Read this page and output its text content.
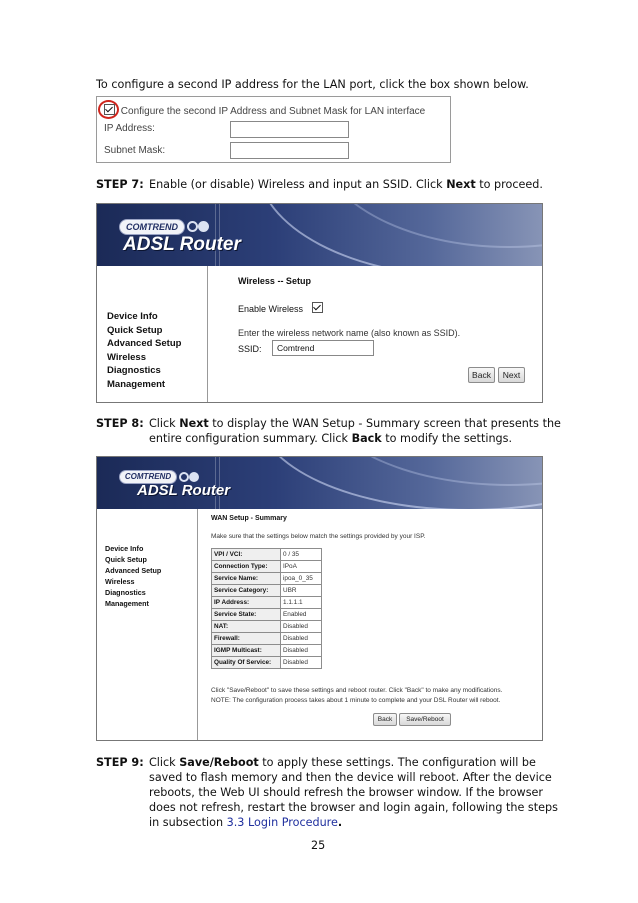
To configure a second IP address for the LAN port, click the box shown below.
Configure the second IP Address and Subnet Mask for LAN interface
IP Address:
Subnet Mask:
STEP 7: Enable (or disable) Wireless and input an SSID. Click Next to proceed.
COMTREND
ADSL Router
Device Info
Quick Setup
Advanced Setup
Wireless
Diagnostics
Management
Wireless -- Setup
Enable Wireless
Enter the wireless network name (also known as SSID).
SSID:	Comtrend
Back	Next
STEP 8: Click Next to display the WAN Setup - Summary screen that presents the
entire configuration summary. Click Back to modify the settings.
COMTREND
ADSL Router
Device Info
Quick Setup
Advanced Setup
Wireless
Diagnostics
Management
WAN Setup - Summary
Make sure that the settings below match the settings provided by your ISP.
VPI / VCI:	0 / 35
Connection Type:	IPoA
Service Name:	ipoa_0_35
Service Category:	UBR
IP Address:	1.1.1.1
Service State:	Enabled
NAT:	Disabled
Firewall:	Disabled
IGMP Multicast:	Disabled
Quality Of Service:	Disabled
Click "Save/Reboot" to save these settings and reboot router. Click "Back" to make any modifications.
NOTE: The configuration process takes about 1 minute to complete and your DSL Router will reboot.
Back	Save/Reboot
STEP 9: Click Save/Reboot to apply these settings. The configuration will be
saved to flash memory and then the device will reboot. After the device
reboots, the Web UI should refresh the browser window. If the browser
does not refresh, restart the browser and login again, following the steps
in subsection 3.3 Login Procedure.
25
